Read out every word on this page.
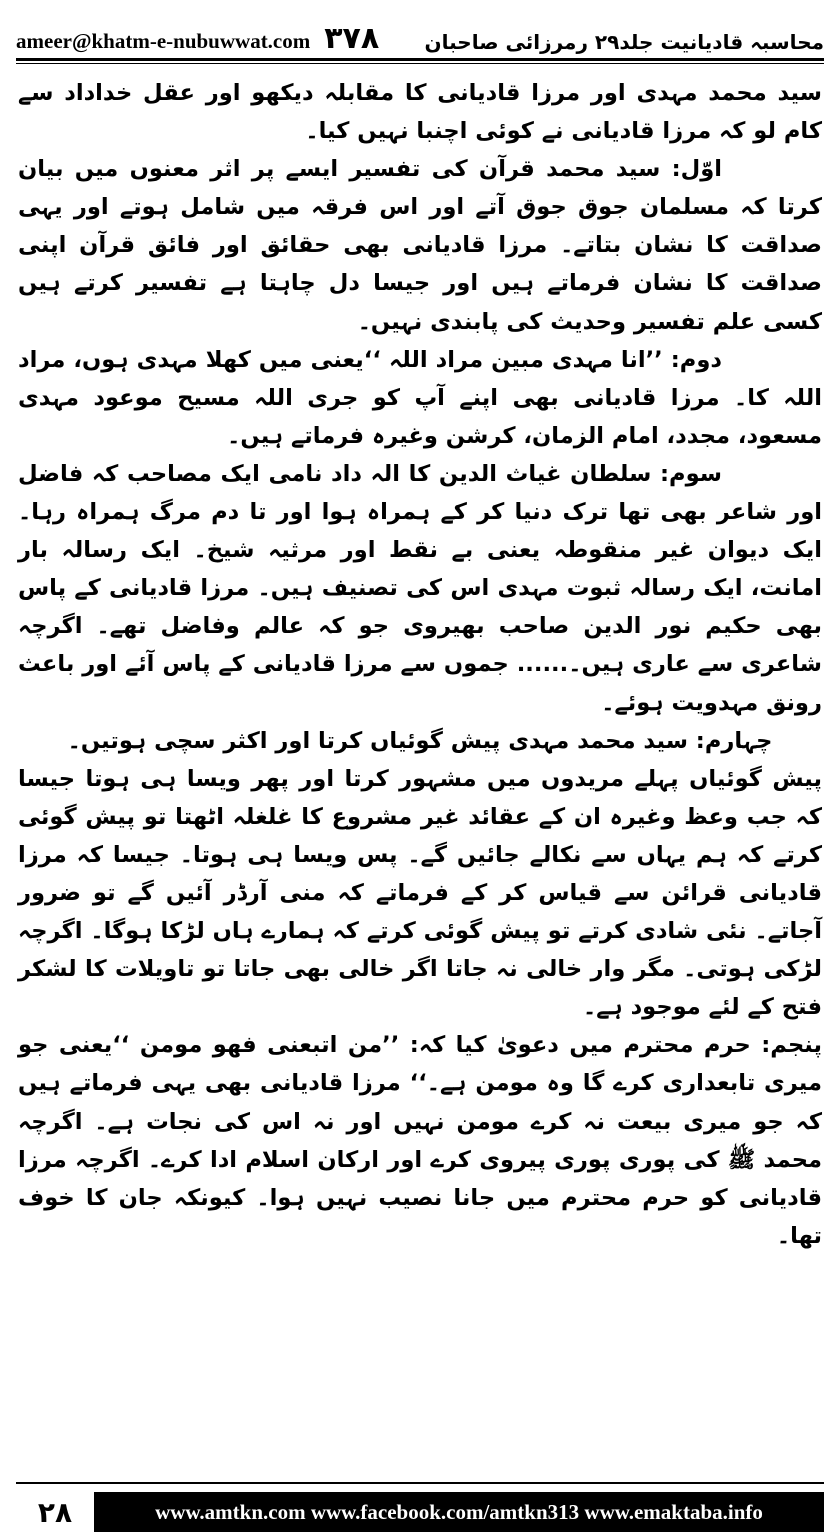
ameer@khatm-e-nubuwwat.com ۳۷۸ محاسبہ قادیانیت جلد۲۹ رمرزائی صاحبان

سید محمد مہدی اور مرزا قادیانی کا مقابلہ دیکھو اور عقل خداداد سے کام لو کہ مرزا قادیانی نے کوئی اچنبا نہیں کیا۔

اوّل: سید محمد قرآن کی تفسیر ایسے پر اثر معنوں میں بیان کرتا کہ مسلمان جوق جوق آتے اور اس فرقہ میں شامل ہوتے اور یہی صداقت کا نشان بتاتے۔ مرزا قادیانی بھی حقائق اور فائق قرآن اپنی صداقت کا نشان فرماتے ہیں اور جیسا دل چاہتا ہے تفسیر کرتے ہیں کسی علم تفسیر وحدیث کی پابندی نہیں۔

دوم: ’’انا مہدی مبین مراد اللہ ‘‘یعنی میں کھلا مہدی ہوں، مراد اللہ کا۔ مرزا قادیانی بھی اپنے آپ کو جری اللہ مسیح موعود مہدی مسعود، مجدد، امام الزمان، کرشن وغیرہ فرماتے ہیں۔

سوم: سلطان غیاث الدین کا الہ داد نامی ایک مصاحب کہ فاضل اور شاعر بھی تھا ترک دنیا کر کے ہمراہ ہوا اور تا دم مرگ ہمراہ رہا۔ ایک دیوان غیر منقوطہ یعنی بے نقط اور مرثیہ شیخ۔ ایک رسالہ بار امانت، ایک رسالہ ثبوت مہدی اس کی تصنیف ہیں۔ مرزا قادیانی کے پاس بھی حکیم نور الدین صاحب بھیروی جو کہ عالم وفاضل تھے۔ اگرچہ شاعری سے عاری ہیں۔...... جموں سے مرزا قادیانی کے پاس آئے اور باعث رونق مہدویت ہوئے۔

چہارم: سید محمد مہدی پیش گوئیاں کرتا اور اکثر سچی ہوتیں۔

پیش گوئیاں پہلے مریدوں میں مشہور کرتا اور پھر ویسا ہی ہوتا جیسا کہ جب وعظ وغیرہ ان کے عقائد غیر مشروع کا غلغلہ اٹھتا تو پیش گوئی کرتے کہ ہم یہاں سے نکالے جائیں گے۔ پس ویسا ہی ہوتا۔ جیسا کہ مرزا قادیانی قرائن سے قیاس کر کے فرماتے کہ منی آرڈر آئیں گے تو ضرور آجاتے۔ نئی شادی کرتے تو پیش گوئی کرتے کہ ہمارے ہاں لڑکا ہوگا۔ اگرچہ لڑکی ہوتی۔ مگر وار خالی نہ جاتا اگر خالی بھی جاتا تو تاویلات کا لشکر فتح کے لئے موجود ہے۔

پنجم: حرم محترم میں دعویٰ کیا کہ: ’’من اتبعنی فھو مومن ‘‘یعنی جو میری تابعداری کرے گا وہ مومن ہے۔‘‘ مرزا قادیانی بھی یہی فرماتے ہیں کہ جو میری بیعت نہ کرے مومن نہیں اور نہ اس کی نجات ہے۔ اگرچہ محمد ﷺ کی پوری پوری پیروی کرے اور ارکان اسلام ادا کرے۔ اگرچہ مرزا قادیانی کو حرم محترم میں جانا نصیب نہیں ہوا۔ کیونکہ جان کا خوف تھا۔

۲۸	www.amtkn.com www.facebook.com/amtkn313 www.emaktaba.info
